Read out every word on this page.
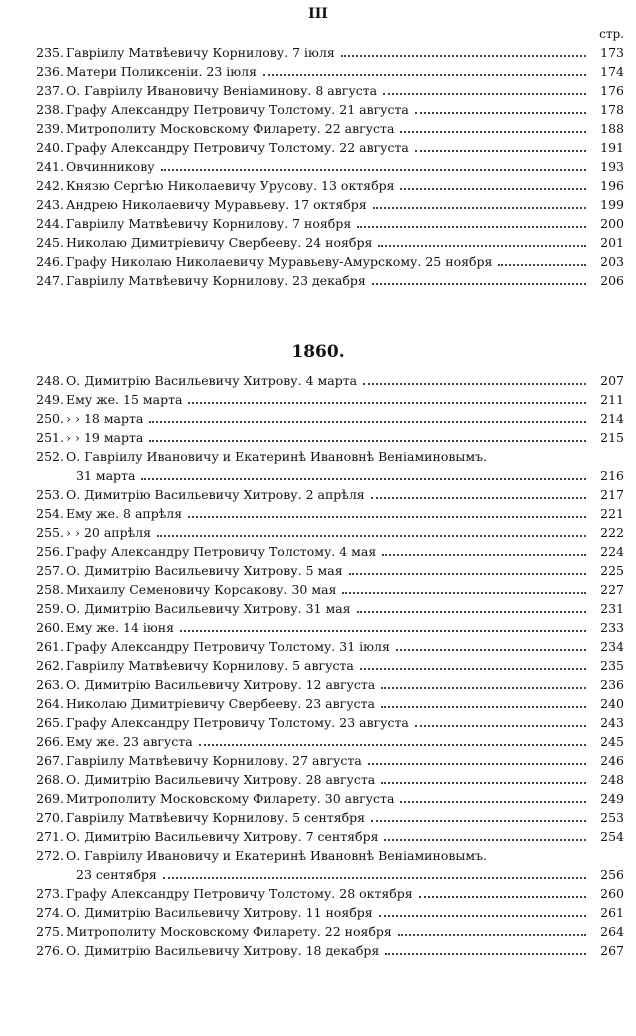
III
стр.
235. Гаврiилу Матвѣевичу Корнилову. 7 iюля	173
236. Матери Поликсенiи. 23 iюля	174
237. О. Гаврiилу Ивановичу Венiаминову. 8 августа	176
238. Графу Александру Петровичу Толстому. 21 августа	178
239. Митрополиту Московскому Филарету. 22 августа	188
240. Графу Александру Петровичу Толстому. 22 августа	191
241. Овчинникову	193
242. Князю Сергѣю Николаевичу Урусову. 13 октября	196
243. Андрею Николаевичу Муравьеву. 17 октября	199
244. Гаврiилу Матвѣевичу Корнилову. 7 ноября	200
245. Николаю Димитрiевичу Свербееву. 24 ноября	201
246. Графу Николаю Николаевичу Муравьеву-Амурскому. 25 ноября	203
247. Гаврiилу Матвѣевичу Корнилову. 23 декабря	206
1860.
248. О. Димитрiю Васильевичу Хитрову. 4 марта	207
249. Ему же. 15 марта	211
250. › › 18 марта	214
251. › › 19 марта	215
252. О. Гаврiилу Ивановичу и Екатеринѣ Ивановнѣ Венiаминовымъ.
31 марта	216
253. О. Димитрiю Васильевичу Хитрову. 2 апрѣля	217
254. Ему же. 8 апрѣля	221
255. › › 20 апрѣля	222
256. Графу Александру Петровичу Толстому. 4 мая	224
257. О. Димитрiю Васильевичу Хитрову. 5 мая	225
258. Михаилу Семеновичу Корсакову. 30 мая	227
259. О. Димитрiю Васильевичу Хитрову. 31 мая	231
260. Ему же. 14 iюня	233
261. Графу Александру Петровичу Толстому. 31 iюля	234
262. Гаврiилу Матвѣевичу Корнилову. 5 августа	235
263. О. Димитрiю Васильевичу Хитрову. 12 августа	236
264. Николаю Димитрiевичу Свербееву. 23 августа	240
265. Графу Александру Петровичу Толстому. 23 августа	243
266. Ему же. 23 августа	245
267. Гаврiилу Матвѣевичу Корнилову. 27 августа	246
268. О. Димитрiю Васильевичу Хитрову. 28 августа	248
269. Митрополиту Московскому Филарету. 30 августа	249
270. Гаврiилу Матвѣевичу Корнилову. 5 сентября	253
271. О. Димитрiю Васильевичу Хитрову. 7 сентября	254
272. О. Гаврiилу Ивановичу и Екатеринѣ Ивановнѣ Венiаминовымъ.
23 сентября	256
273. Графу Александру Петровичу Толстому. 28 октября	260
274. О. Димитрiю Васильевичу Хитрову. 11 ноября	261
275. Митрополиту Московскому Филарету. 22 ноября	264
276. О. Димитрiю Васильевичу Хитрову. 18 декабря	267
